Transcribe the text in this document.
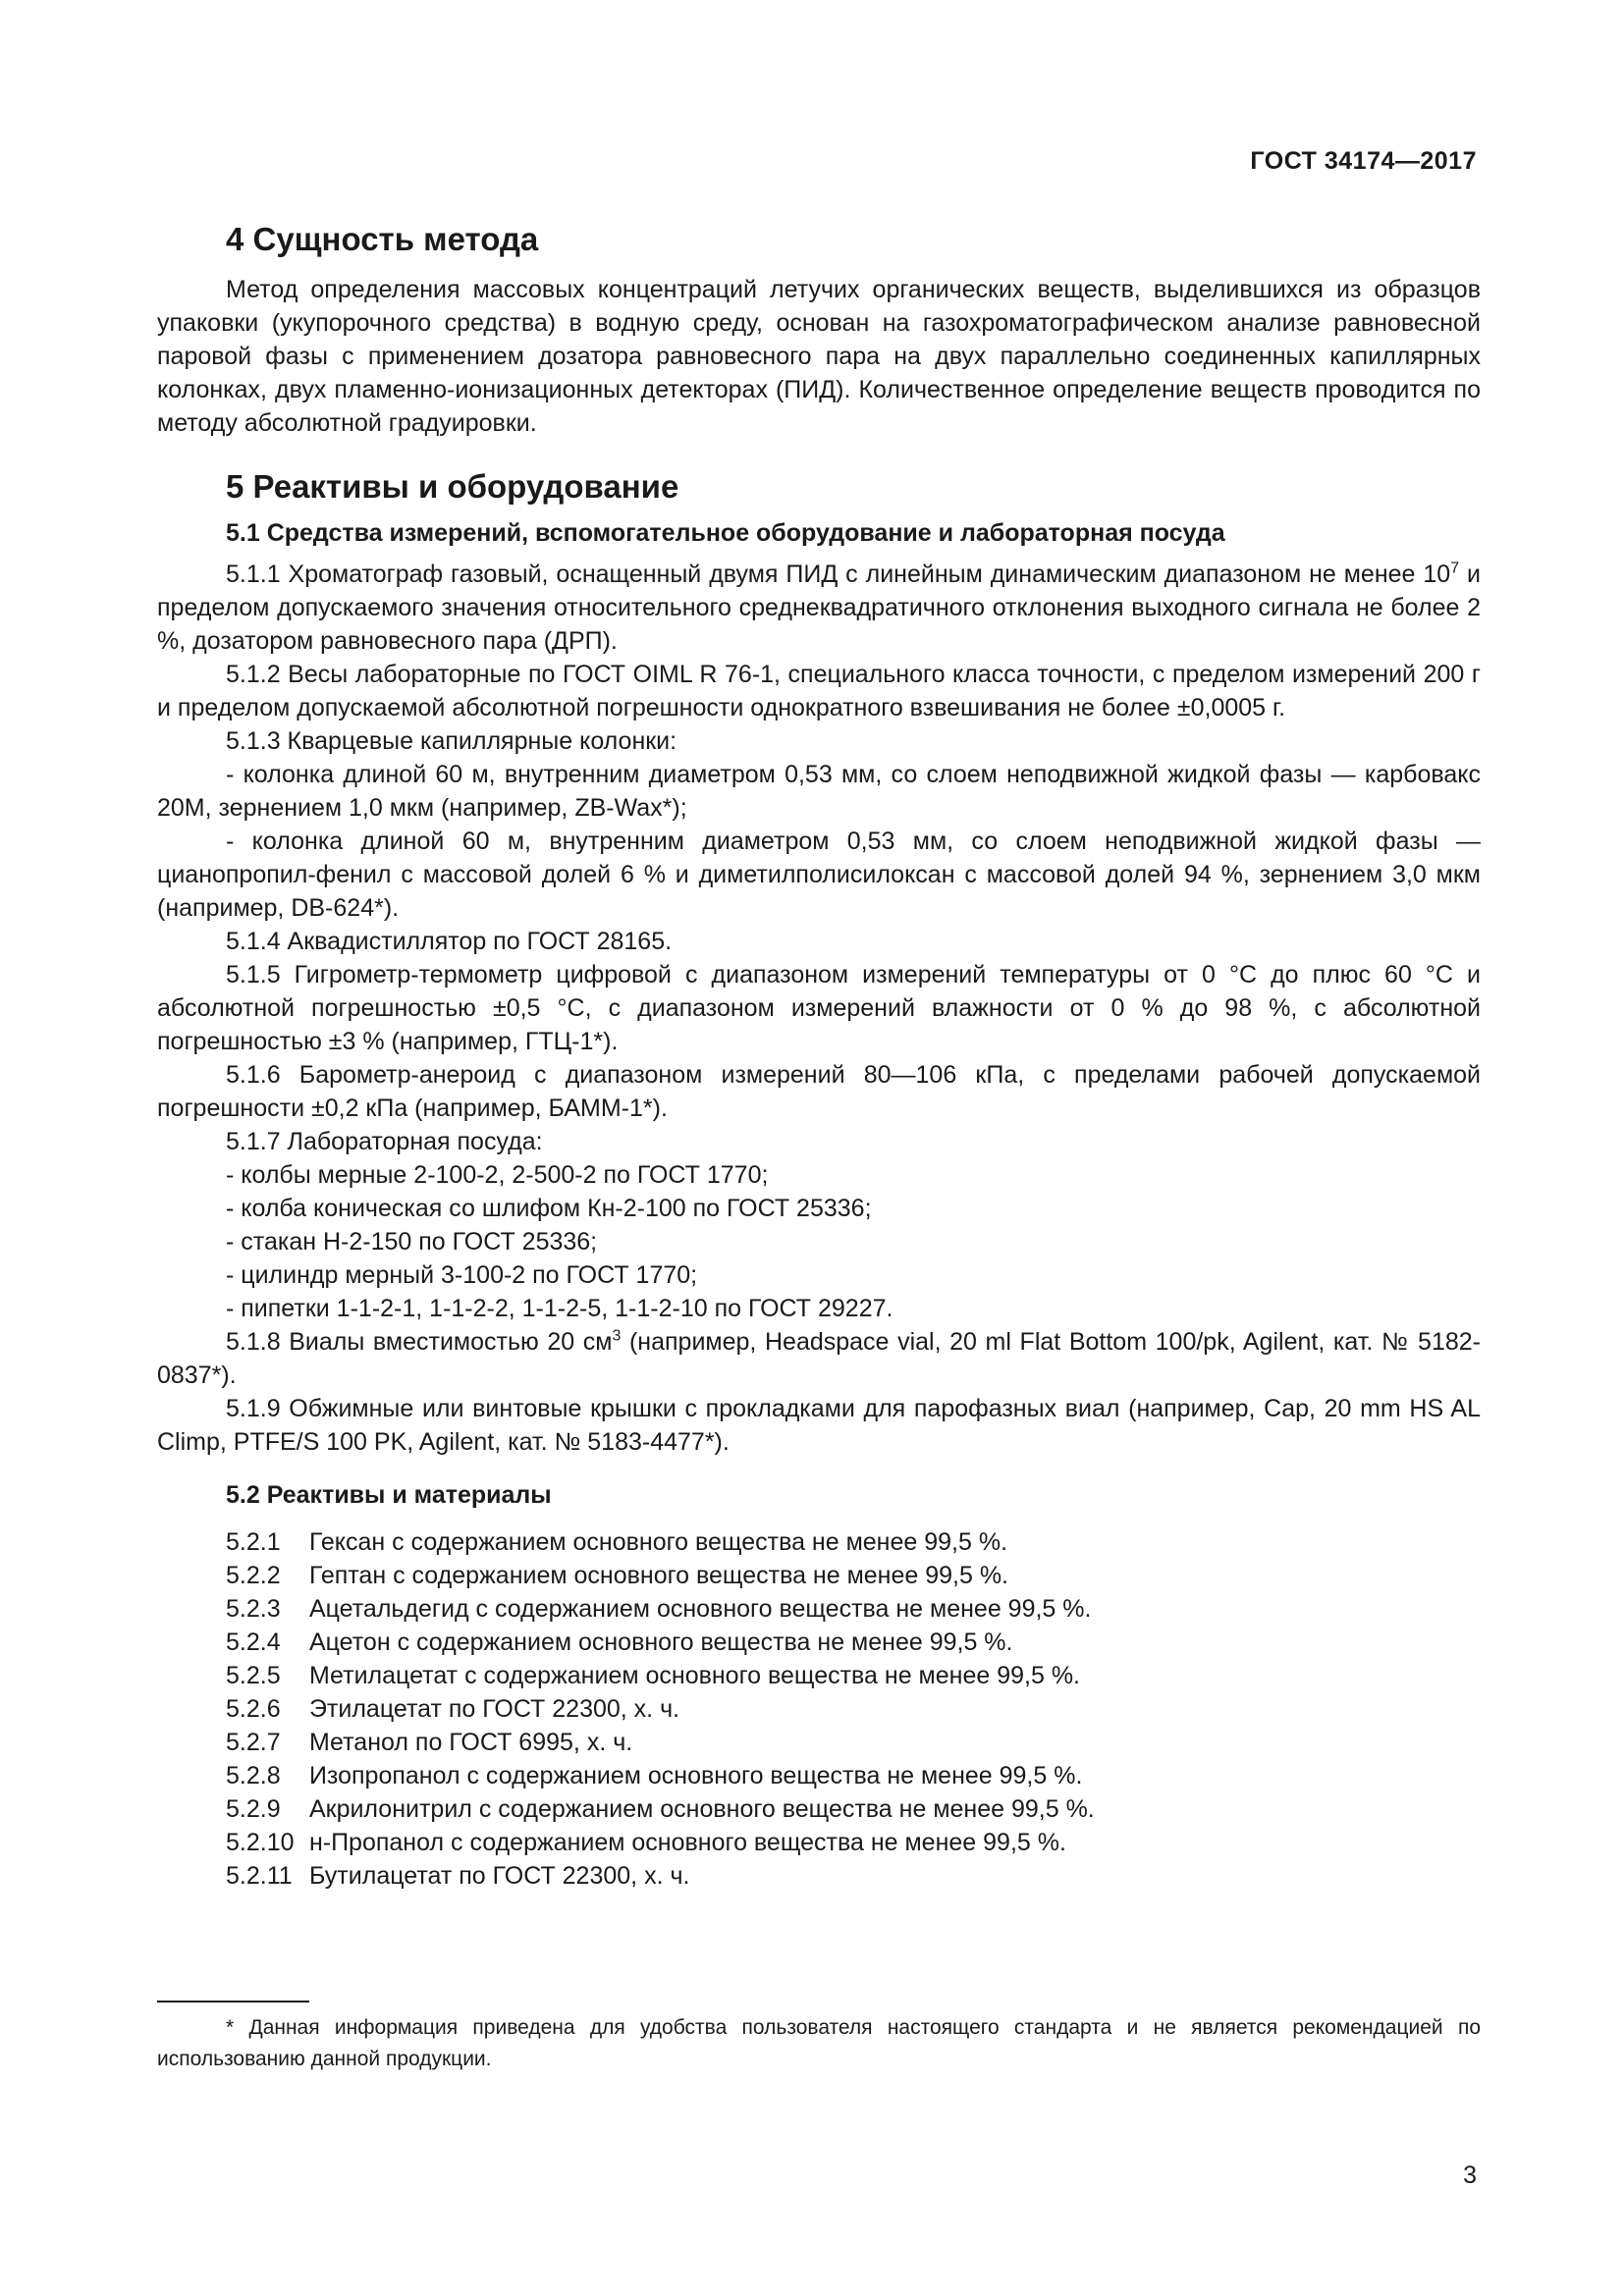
ГОСТ 34174—2017
4 Сущность метода
Метод определения массовых концентраций летучих органических веществ, выделившихся из образцов упаковки (укупорочного средства) в водную среду, основан на газохроматографическом анализе равновесной паровой фазы с применением дозатора равновесного пара на двух параллельно соединенных капиллярных колонках, двух пламенно-ионизационных детекторах (ПИД). Количественное определение веществ проводится по методу абсолютной градуировки.
5 Реактивы и оборудование
5.1 Средства измерений, вспомогательное оборудование и лабораторная посуда
5.1.1 Хроматограф газовый, оснащенный двумя ПИД с линейным динамическим диапазоном не менее $10^7$ и пределом допускаемого значения относительного среднеквадратичного отклонения выходного сигнала не более 2 %, дозатором равновесного пара (ДРП).
5.1.2 Весы лабораторные по ГОСТ OIML R 76-1, специального класса точности, с пределом измерений 200 г и пределом допускаемой абсолютной погрешности однократного взвешивания не более ±0,0005 г.
5.1.3 Кварцевые капиллярные колонки:
- колонка длиной 60 м, внутренним диаметром 0,53 мм, со слоем неподвижной жидкой фазы — карбовакс 20М, зернением 1,0 мкм (например, ZB-Wax*);
- колонка длиной 60 м, внутренним диаметром 0,53 мм, со слоем неподвижной жидкой фазы — цианопропил-фенил с массовой долей 6 % и диметилполисилоксан с массовой долей 94 %, зернением 3,0 мкм (например, DB-624*).
5.1.4 Аквадистиллятор по ГОСТ 28165.
5.1.5 Гигрометр-термометр цифровой с диапазоном измерений температуры от 0 °С до плюс 60 °С и абсолютной погрешностью ±0,5 °С, с диапазоном измерений влажности от 0 % до 98 %, с абсолютной погрешностью ±3 % (например, ГТЦ-1*).
5.1.6 Барометр-анероид с диапазоном измерений 80—106 кПа, с пределами рабочей допускаемой погрешности ±0,2 кПа (например, БАММ-1*).
5.1.7 Лабораторная посуда:
- колбы мерные 2-100-2, 2-500-2 по ГОСТ 1770;
- колба коническая со шлифом Кн-2-100 по ГОСТ 25336;
- стакан Н-2-150 по ГОСТ 25336;
- цилиндр мерный 3-100-2 по ГОСТ 1770;
- пипетки 1-1-2-1, 1-1-2-2, 1-1-2-5, 1-1-2-10 по ГОСТ 29227.
5.1.8 Виалы вместимостью 20 $см^3$ (например, Headspace vial, 20 ml Flat Bottom 100/pk, Agilent, кат. № 5182-0837*).
5.1.9 Обжимные или винтовые крышки с прокладками для парофазных виал (например, Cap, 20 mm HS AL Climp, PTFE/S 100 PK, Agilent, кат. № 5183-4477*).
5.2 Реактивы и материалы
5.2.1 Гексан с содержанием основного вещества не менее 99,5 %.
5.2.2 Гептан с содержанием основного вещества не менее 99,5 %.
5.2.3 Ацетальдегид с содержанием основного вещества не менее 99,5 %.
5.2.4 Ацетон с содержанием основного вещества не менее 99,5 %.
5.2.5 Метилацетат с содержанием основного вещества не менее 99,5 %.
5.2.6 Этилацетат по ГОСТ 22300, х. ч.
5.2.7 Метанол по ГОСТ 6995, х. ч.
5.2.8 Изопропанол с содержанием основного вещества не менее 99,5 %.
5.2.9 Акрилонитрил с содержанием основного вещества не менее 99,5 %.
5.2.10 н-Пропанол с содержанием основного вещества не менее 99,5 %.
5.2.11 Бутилацетат по ГОСТ 22300, х. ч.
* Данная информация приведена для удобства пользователя настоящего стандарта и не является рекомендацией по использованию данной продукции.
3
